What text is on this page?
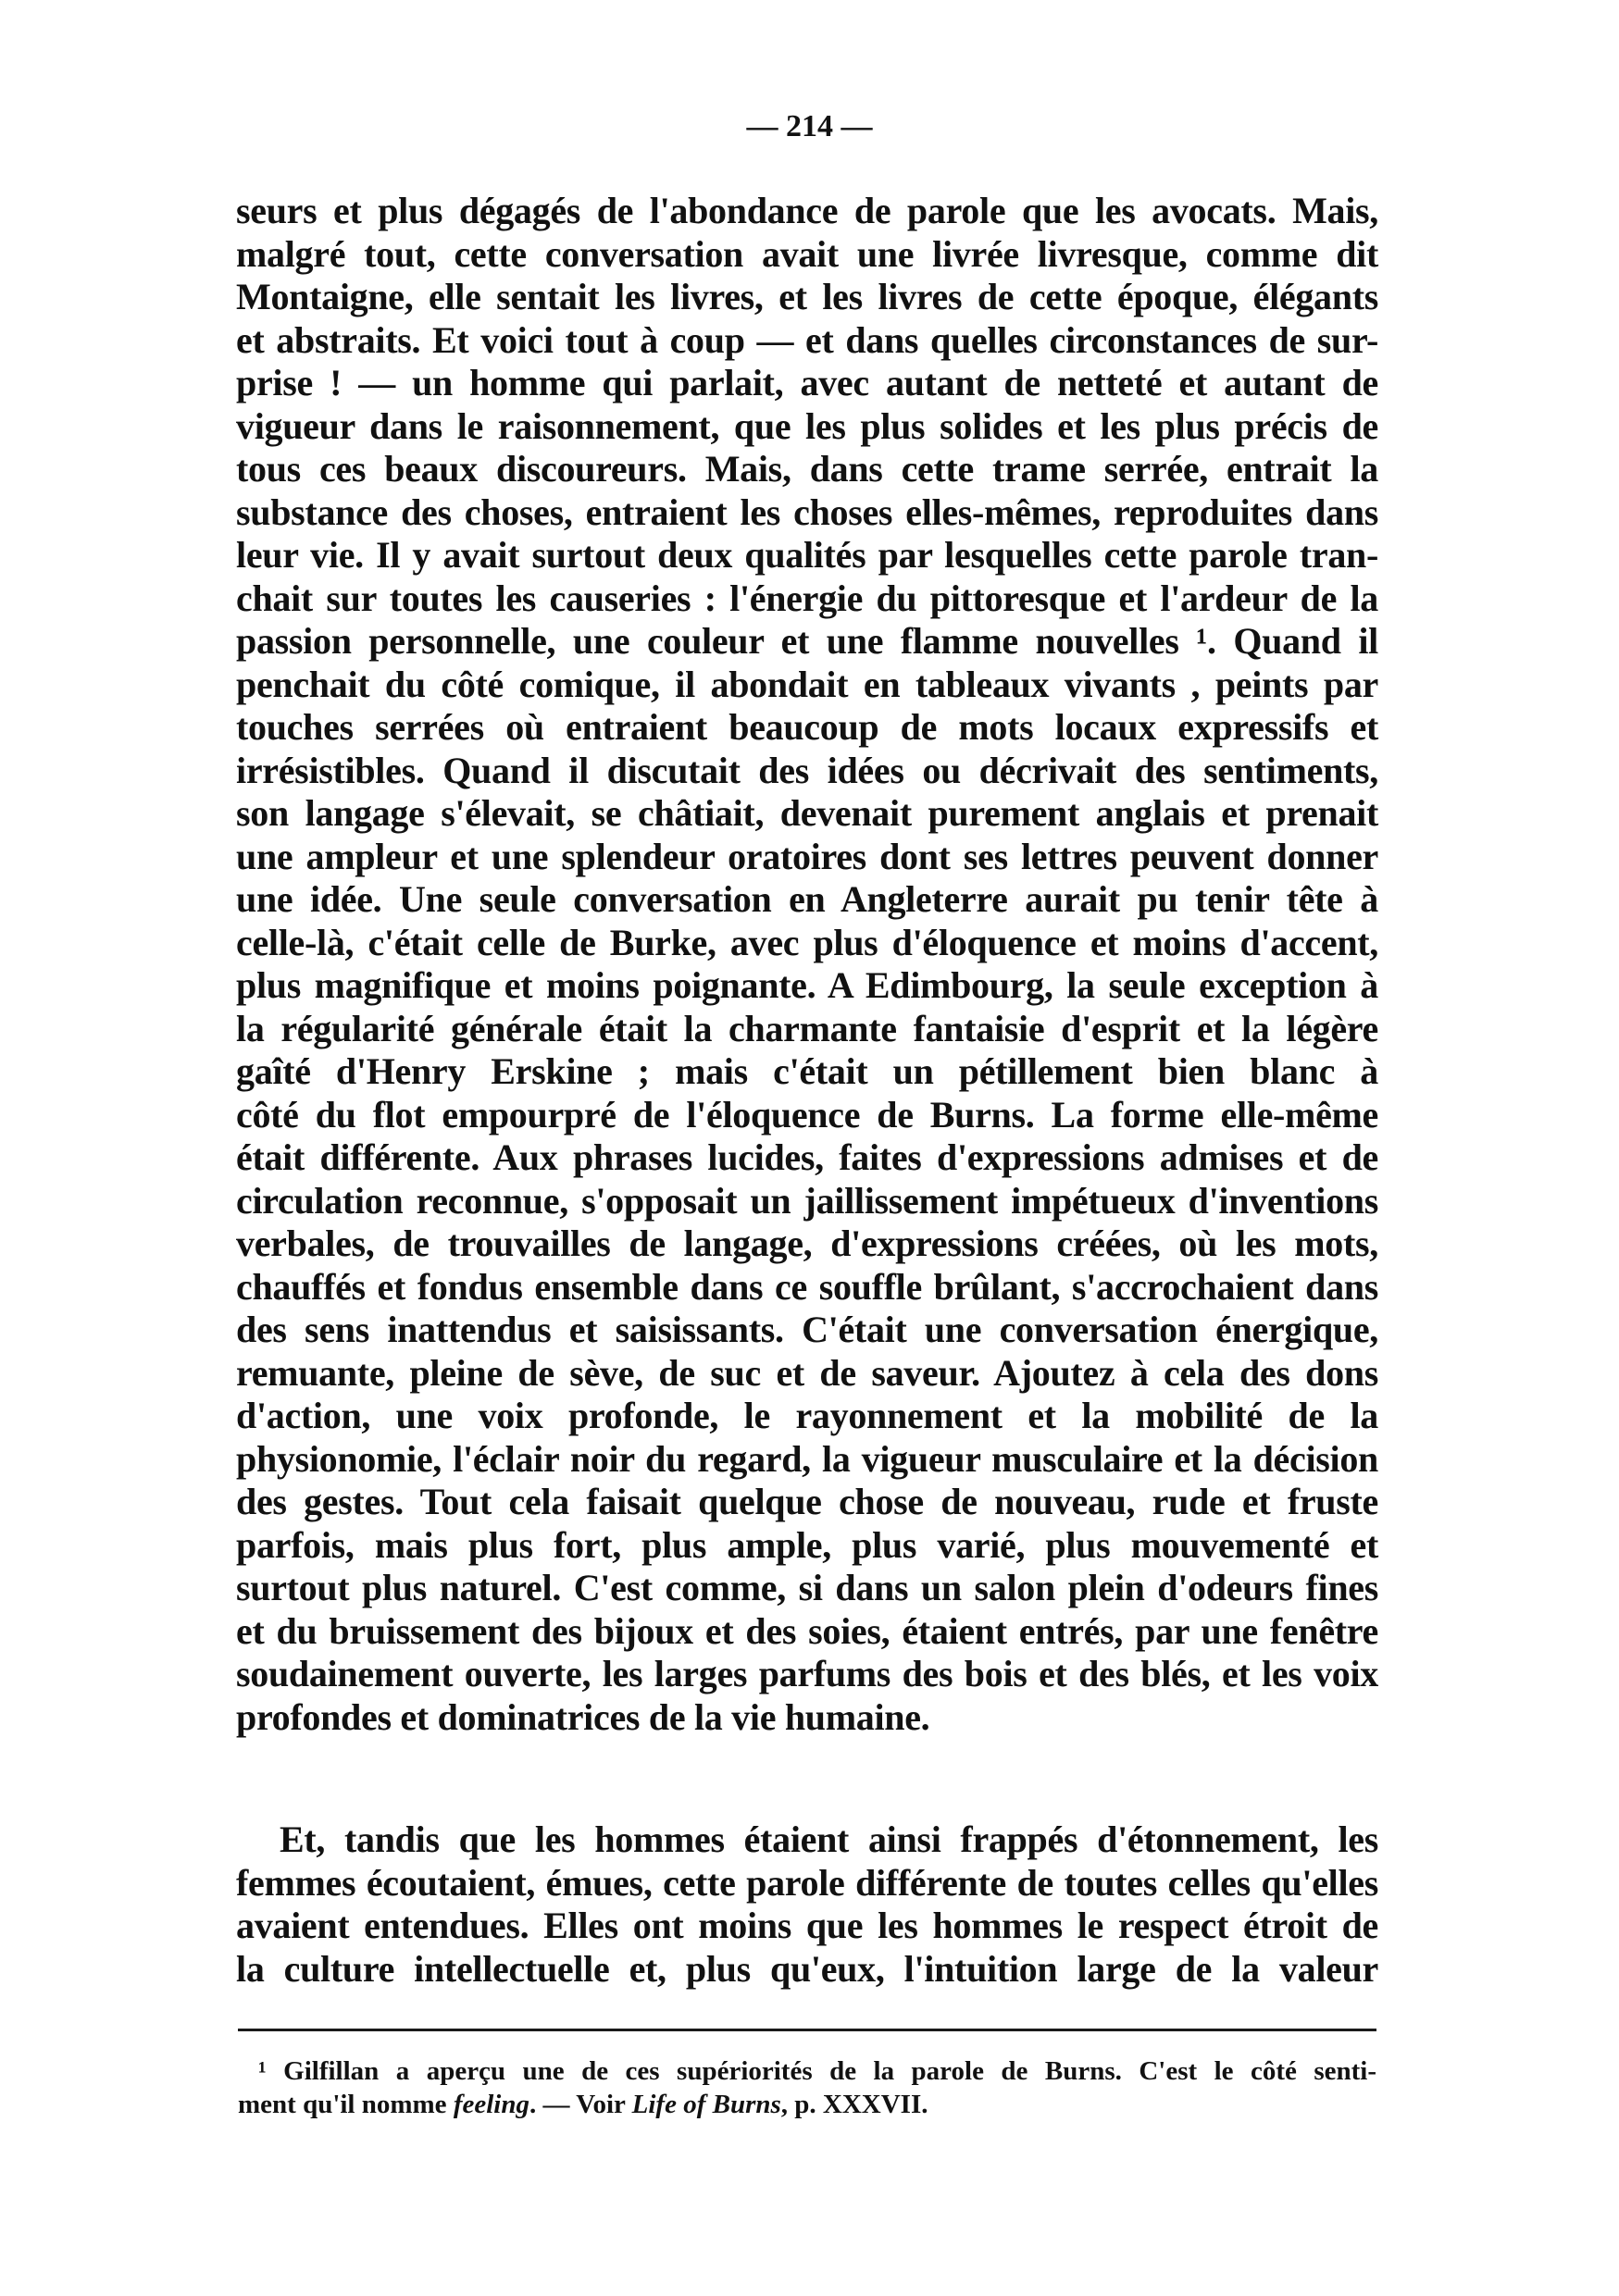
— 214 —
seurs et plus dégagés de l'abondance de parole que les avocats. Mais,
malgré tout, cette conversation avait une livrée livresque, comme dit
Montaigne, elle sentait les livres, et les livres de cette époque, élégants
et abstraits. Et voici tout à coup — et dans quelles circonstances de sur-
prise ! — un homme qui parlait, avec autant de netteté et autant de
vigueur dans le raisonnement, que les plus solides et les plus précis de
tous ces beaux discoureurs. Mais, dans cette trame serrée, entrait la
substance des choses, entraient les choses elles-mêmes, reproduites dans
leur vie. Il y avait surtout deux qualités par lesquelles cette parole tran-
chait sur toutes les causeries : l'énergie du pittoresque et l'ardeur de la
passion personnelle, une couleur et une flamme nouvelles ¹. Quand il
penchait du côté comique, il abondait en tableaux vivants , peints par
touches serrées où entraient beaucoup de mots locaux expressifs et
irrésistibles. Quand il discutait des idées ou décrivait des sentiments,
son langage s'élevait, se châtiait, devenait purement anglais et prenait
une ampleur et une splendeur oratoires dont ses lettres peuvent donner
une idée. Une seule conversation en Angleterre aurait pu tenir tête à
celle-là, c'était celle de Burke, avec plus d'éloquence et moins d'accent,
plus magnifique et moins poignante. A Edimbourg, la seule exception à
la régularité générale était la charmante fantaisie d'esprit et la légère
gaîté d'Henry Erskine ; mais c'était un pétillement bien blanc à
côté du flot empourpré de l'éloquence de Burns. La forme elle-même
était différente. Aux phrases lucides, faites d'expressions admises et de
circulation reconnue, s'opposait un jaillissement impétueux d'inventions
verbales, de trouvailles de langage, d'expressions créées, où les mots,
chauffés et fondus ensemble dans ce souffle brûlant, s'accrochaient dans
des sens inattendus et saisissants. C'était une conversation énergique,
remuante, pleine de sève, de suc et de saveur. Ajoutez à cela des dons
d'action, une voix profonde, le rayonnement et la mobilité de la
physionomie, l'éclair noir du regard, la vigueur musculaire et la décision
des gestes. Tout cela faisait quelque chose de nouveau, rude et fruste
parfois, mais plus fort, plus ample, plus varié, plus mouvementé et
surtout plus naturel. C'est comme, si dans un salon plein d'odeurs fines
et du bruissement des bijoux et des soies, étaient entrés, par une fenêtre
soudainement ouverte, les larges parfums des bois et des blés, et les voix
profondes et dominatrices de la vie humaine.
Et, tandis que les hommes étaient ainsi frappés d'étonnement, les
femmes écoutaient, émues, cette parole différente de toutes celles qu'elles
avaient entendues. Elles ont moins que les hommes le respect étroit de
la culture intellectuelle et, plus qu'eux, l'intuition large de la valeur
¹ Gilfillan a aperçu une de ces supériorités de la parole de Burns. C'est le côté senti-
ment qu'il nomme feeling. — Voir Life of Burns, p. XXXVII.
